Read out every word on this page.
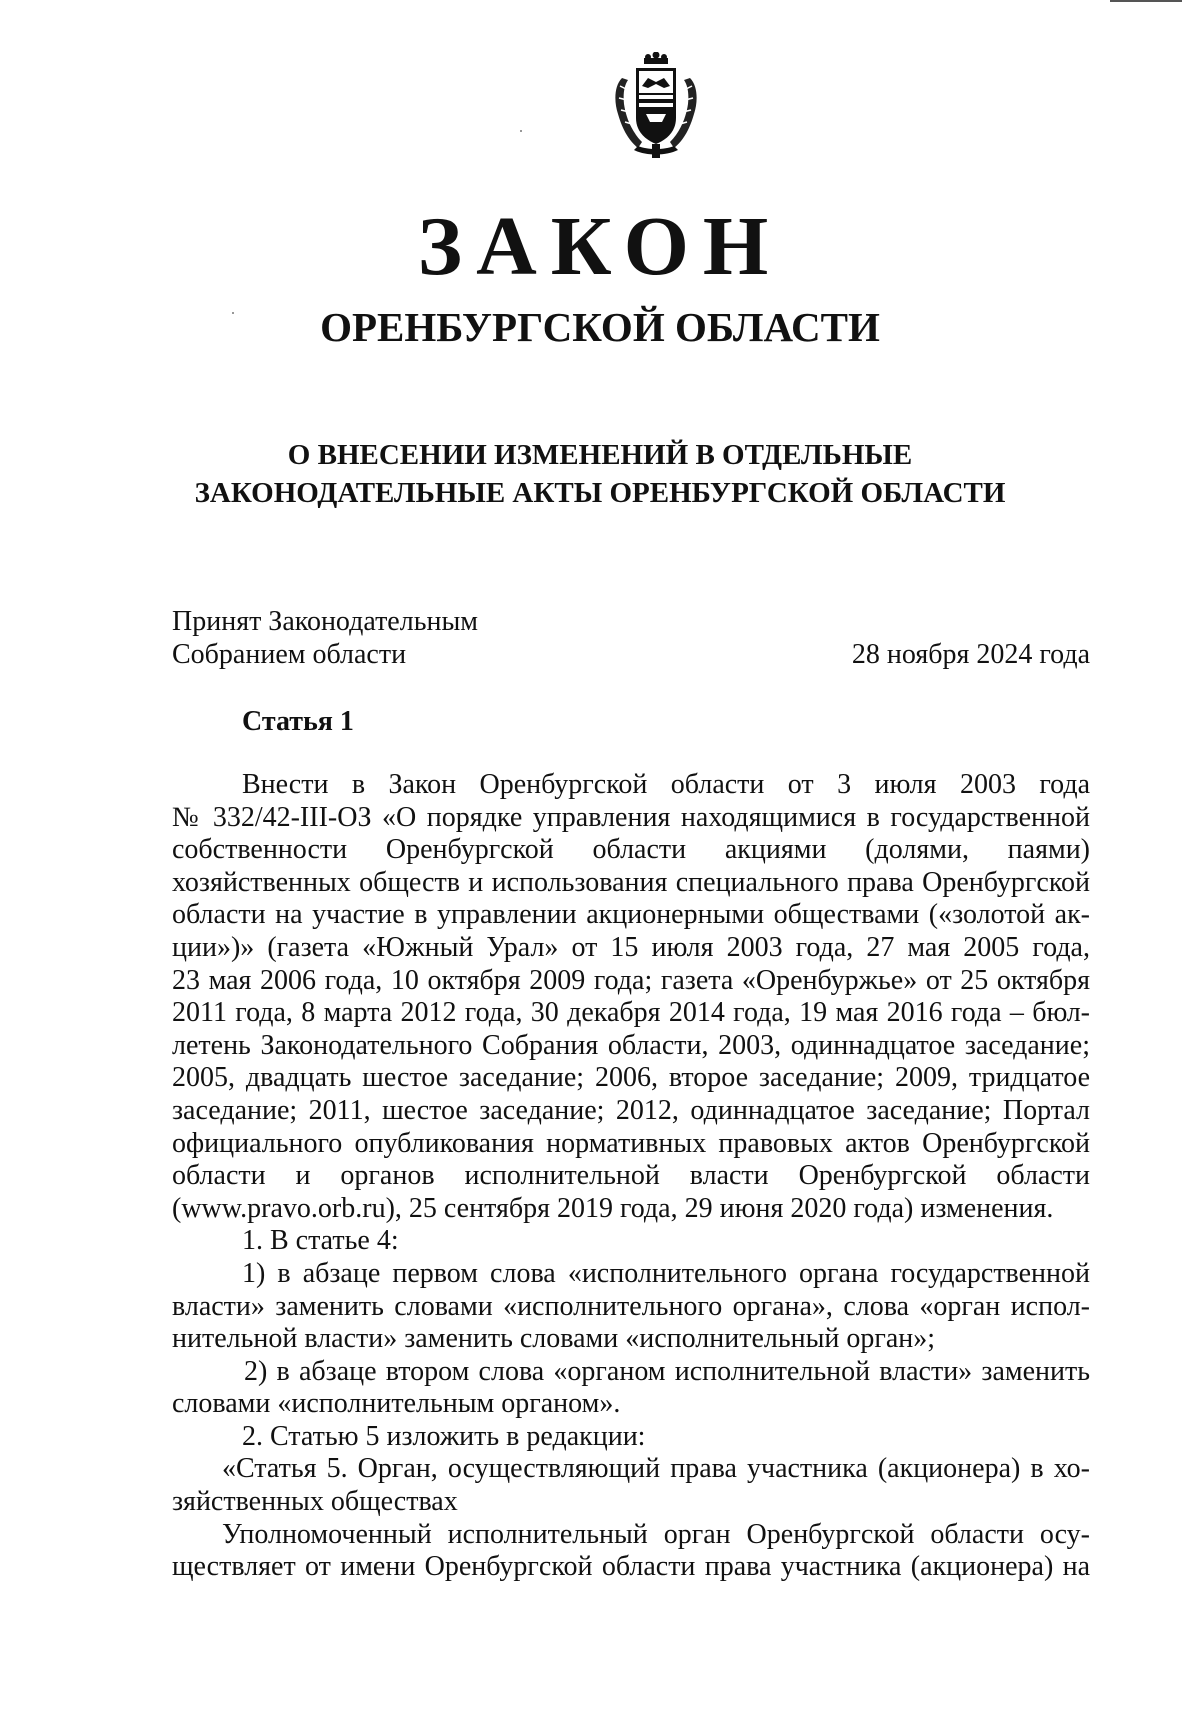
ЗАКОН
ОРЕНБУРГСКОЙ ОБЛАСТИ
О ВНЕСЕНИИ ИЗМЕНЕНИЙ В ОТДЕЛЬНЫЕ
ЗАКОНОДАТЕЛЬНЫЕ АКТЫ ОРЕНБУРГСКОЙ ОБЛАСТИ
Принят Законодательным
Собранием области	28 ноября 2024 года
Статья 1
Внести в Закон Оренбургской области от 3 июля 2003 года
№ 332/42-III-ОЗ «О порядке управления находящимися в государственной
собственности Оренбургской области акциями (долями, паями)
хозяйственных обществ и использования специального права Оренбургской
области на участие в управлении акционерными обществами («золотой ак-
ции»)» (газета «Южный Урал» от 15 июля 2003 года, 27 мая 2005 года,
23 мая 2006 года, 10 октября 2009 года; газета «Оренбуржье» от 25 октября
2011 года, 8 марта 2012 года, 30 декабря 2014 года, 19 мая 2016 года – бюл-
летень Законодательного Собрания области, 2003, одиннадцатое заседание;
2005, двадцать шестое заседание; 2006, второе заседание; 2009, тридцатое
заседание; 2011, шестое заседание; 2012, одиннадцатое заседание; Портал
официального опубликования нормативных правовых актов Оренбургской
области и органов исполнительной власти Оренбургской области
(www.pravo.orb.ru), 25 сентября 2019 года, 29 июня 2020 года) изменения.
1. В статье 4:
1) в абзаце первом слова «исполнительного органа государственной
власти» заменить словами «исполнительного органа», слова «орган испол-
нительной власти» заменить словами «исполнительный орган»;
2) в абзаце втором слова «органом исполнительной власти» заменить
словами «исполнительным органом».
2. Статью 5 изложить в редакции:
«Статья 5. Орган, осуществляющий права участника (акционера) в хо-
зяйственных обществах
Уполномоченный исполнительный орган Оренбургской области осу-
ществляет от имени Оренбургской области права участника (акционера) на
